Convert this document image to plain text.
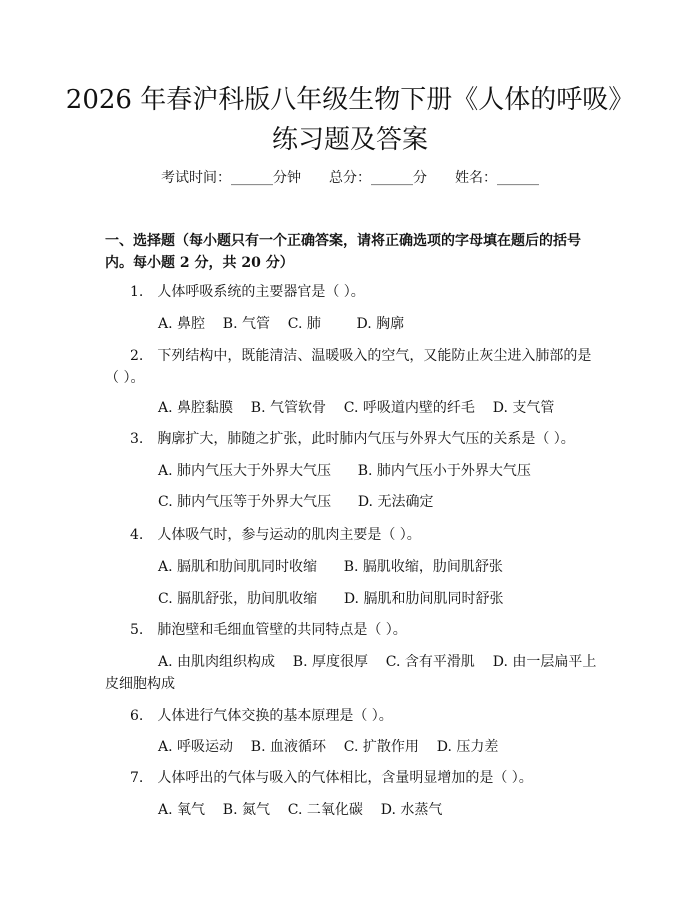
2026 年春沪科版八年级生物下册《人体的呼吸》练习题及答案
考试时间：______分钟　　 总分：______分　　 姓名：______
一、选择题（每小题只有一个正确答案，请将正确选项的字母填在题后的括号内。每小题 2 分，共 20 分）
1.　人体呼吸系统的主要器官是（ ）。
A. 鼻腔    B. 气管    C. 肺        D. 胸廓
2.　下列结构中，既能清洁、温暖吸入的空气，又能防止灰尘进入肺部的是（ ）。
A. 鼻腔黏膜    B. 气管软骨    C. 呼吸道内壁的纤毛    D. 支气管
3.　胸廓扩大，肺随之扩张，此时肺内气压与外界大气压的关系是（ ）。
A. 肺内气压大于外界大气压      B. 肺内气压小于外界大气压
C. 肺内气压等于外界大气压      D. 无法确定
4.　人体吸气时，参与运动的肌肉主要是（ ）。
A. 膈肌和肋间肌同时收缩      B. 膈肌收缩，肋间肌舒张
C. 膈肌舒张，肋间肌收缩      D. 膈肌和肋间肌同时舒张
5.　肺泡壁和毛细血管壁的共同特点是（ ）。
A. 由肌肉组织构成    B. 厚度很厚    C. 含有平滑肌    D. 由一层扁平上皮细胞构成
6.　人体进行气体交换的基本原理是（ ）。
A. 呼吸运动    B. 血液循环    C. 扩散作用    D. 压力差
7.　人体呼出的气体与吸入的气体相比，含量明显增加的是（ ）。
A. 氧气    B. 氮气    C. 二氧化碳    D. 水蒸气
